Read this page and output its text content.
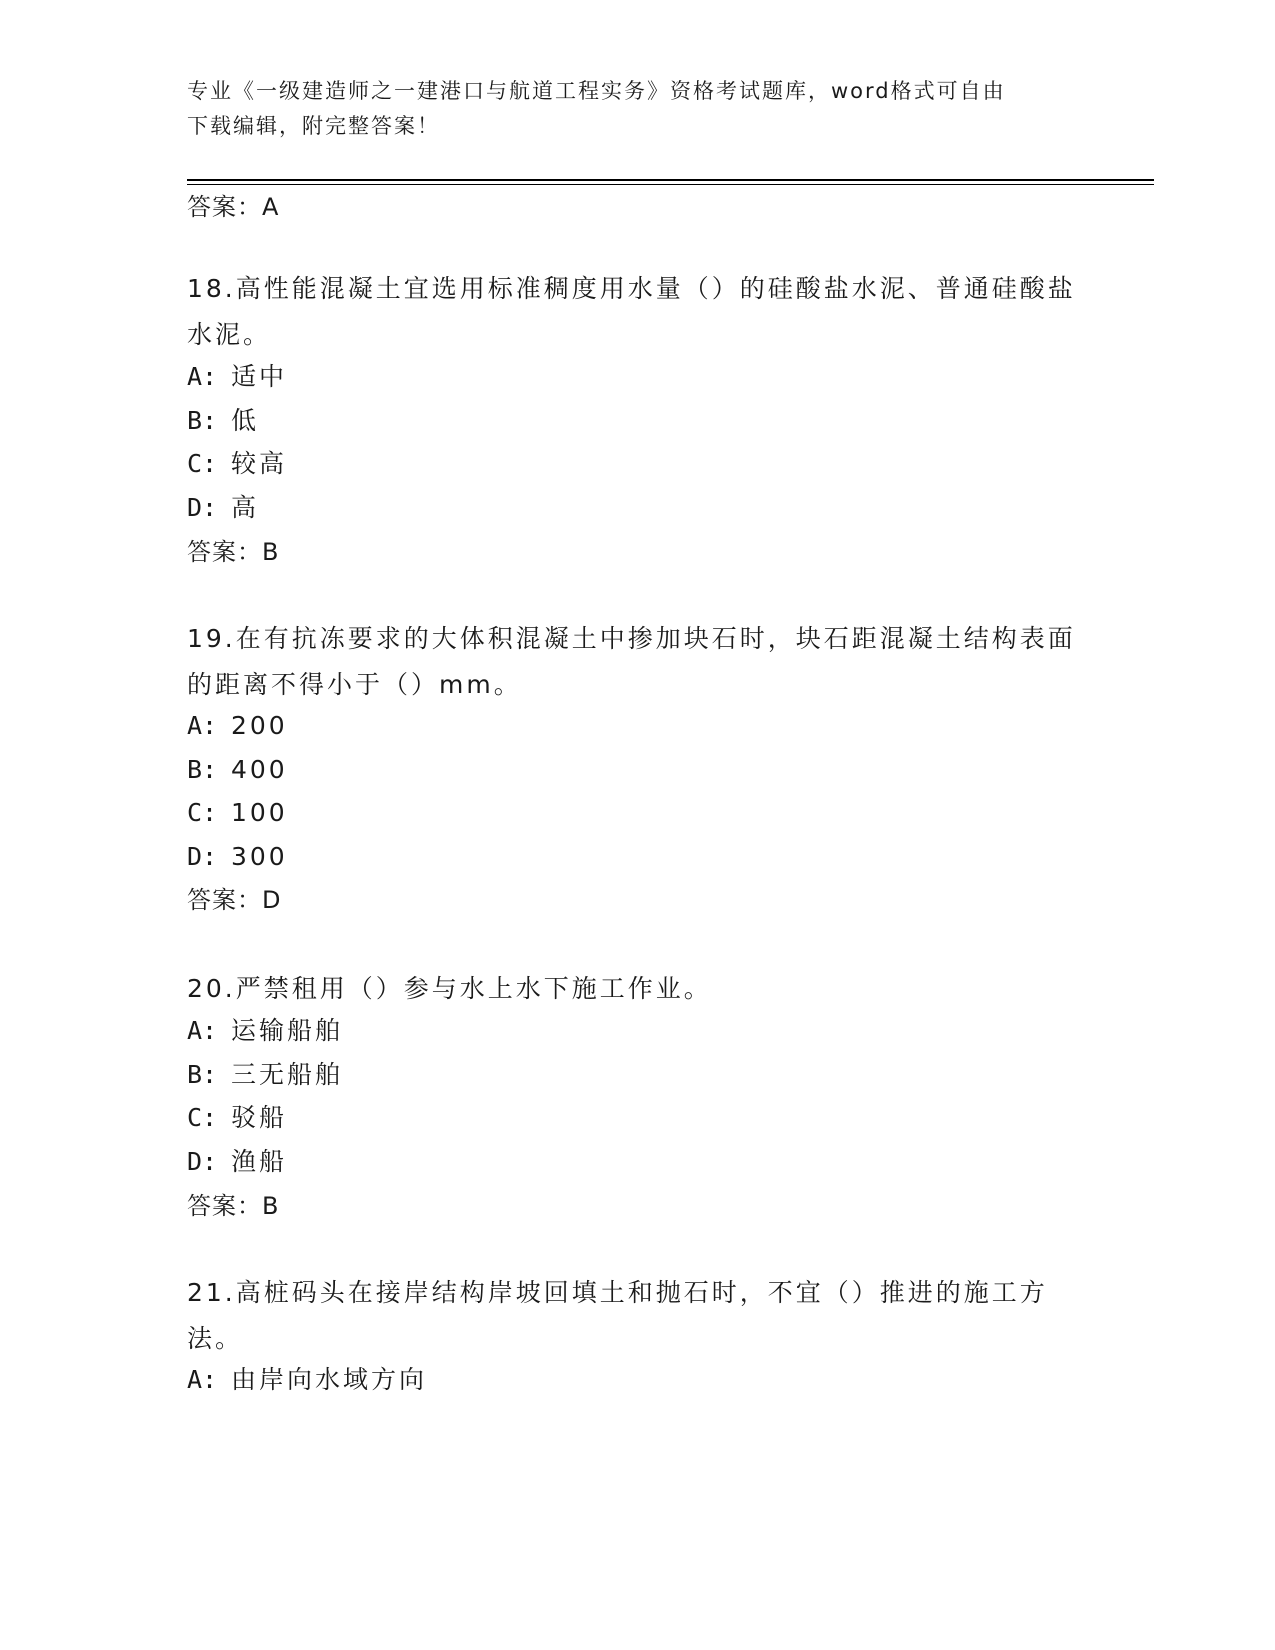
专业《一级建造师之一建港口与航道工程实务》资格考试题库，word格式可自由
下载编辑，附完整答案！
答案：A
18.高性能混凝土宜选用标准稠度用水量（）的硅酸盐水泥、普通硅酸盐水泥。
A: 适中
B: 低
C: 较高
D: 高
答案：B
19.在有抗冻要求的大体积混凝土中掺加块石时，块石距混凝土结构表面的距离不得小于（）mm。
A: 200
B: 400
C: 100
D: 300
答案：D
20.严禁租用（）参与水上水下施工作业。
A: 运输船舶
B: 三无船舶
C: 驳船
D: 渔船
答案：B
21.高桩码头在接岸结构岸坡回填土和抛石时，不宜（）推进的施工方法。
A: 由岸向水域方向
